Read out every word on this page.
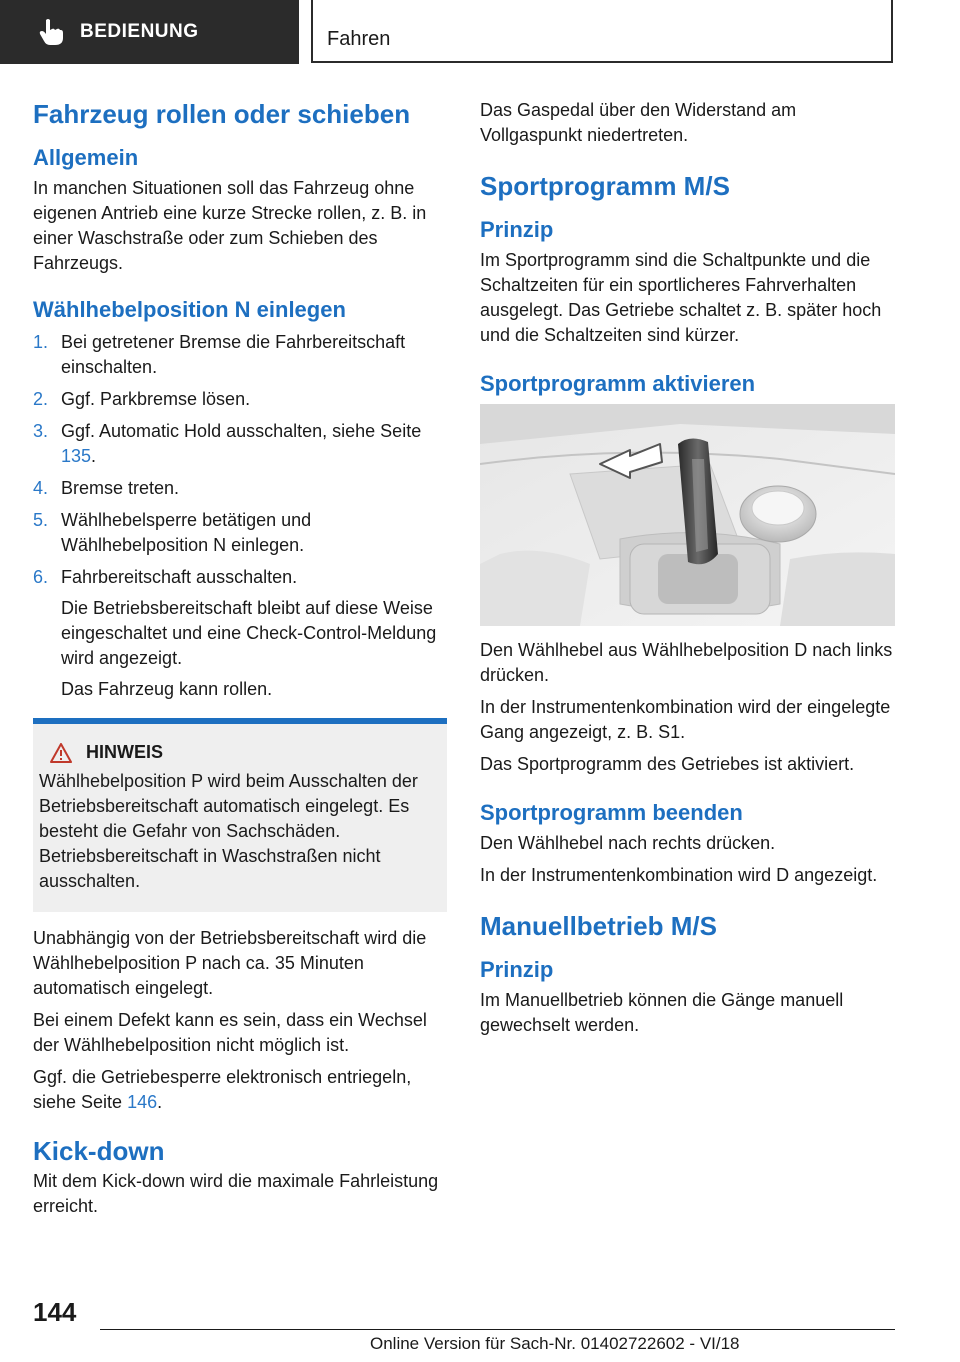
BEDIENUNG	Fahren
Fahrzeug rollen oder schieben
Allgemein

In manchen Situationen soll das Fahrzeug ohne eigenen Antrieb eine kurze Strecke rollen, z. B. in einer Waschstraße oder zum Schieben des Fahrzeugs.

Wählhebelposition N einlegen
1. Bei getretener Bremse die Fahrbereitschaft einschalten.
2. Ggf. Parkbremse lösen.
3. Ggf. Automatic Hold ausschalten, siehe Seite 135.
4. Bremse treten.
5. Wählhebelsperre betätigen und Wählhebelposition N einlegen.
6. Fahrbereitschaft ausschalten.

Die Betriebsbereitschaft bleibt auf diese Weise eingeschaltet und eine Check-Control-Meldung wird angezeigt.

Das Fahrzeug kann rollen.

HINWEIS

Wählhebelposition P wird beim Ausschalten der Betriebsbereitschaft automatisch eingelegt. Es besteht die Gefahr von Sachschäden. Betriebsbereitschaft in Waschstraßen nicht ausschalten.

Unabhängig von der Betriebsbereitschaft wird die Wählhebelposition P nach ca. 35 Minuten automatisch eingelegt.

Bei einem Defekt kann es sein, dass ein Wechsel der Wählhebelposition nicht möglich ist.

Ggf. die Getriebesperre elektronisch entriegeln, siehe Seite 146.

Kick-down

Mit dem Kick-down wird die maximale Fahrleistung erreicht.

Das Gaspedal über den Widerstand am Vollgaspunkt niedertreten.

Sportprogramm M/S
Prinzip

Im Sportprogramm sind die Schaltpunkte und die Schaltzeiten für ein sportlicheres Fahrverhalten ausgelegt. Das Getriebe schaltet z. B. später hoch und die Schaltzeiten sind kürzer.

Sportprogramm aktivieren

Den Wählhebel aus Wählhebelposition D nach links drücken.

In der Instrumentenkombination wird der eingelegte Gang angezeigt, z. B. S1.

Das Sportprogramm des Getriebes ist aktiviert.

Sportprogramm beenden

Den Wählhebel nach rechts drücken.

In der Instrumentenkombination wird D angezeigt.

Manuellbetrieb M/S
Prinzip

Im Manuellbetrieb können die Gänge manuell gewechselt werden.

144
Online Version für Sach-Nr. 01402722602 - VI/18
